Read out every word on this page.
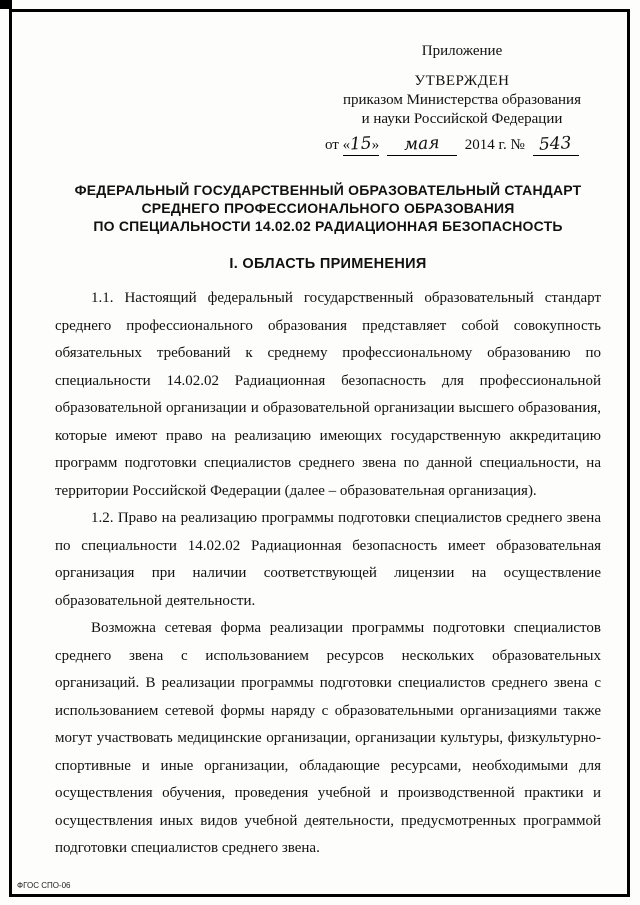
Приложение
УТВЕРЖДЕН
приказом Министерства образования
и науки Российской Федерации
от «15» мая 2014 г. № 543
ФЕДЕРАЛЬНЫЙ ГОСУДАРСТВЕННЫЙ ОБРАЗОВАТЕЛЬНЫЙ СТАНДАРТ
СРЕДНЕГО ПРОФЕССИОНАЛЬНОГО ОБРАЗОВАНИЯ
ПО СПЕЦИАЛЬНОСТИ 14.02.02 РАДИАЦИОННАЯ БЕЗОПАСНОСТЬ
I. ОБЛАСТЬ ПРИМЕНЕНИЯ

1.1. Настоящий федеральный государственный образовательный стандарт среднего профессионального образования представляет собой совокупность обязательных требований к среднему профессиональному образованию по специальности 14.02.02 Радиационная безопасность для профессиональной образовательной организации и образовательной организации высшего образования, которые имеют право на реализацию имеющих государственную аккредитацию программ подготовки специалистов среднего звена по данной специальности, на территории Российской Федерации (далее – образовательная организация).

1.2. Право на реализацию программы подготовки специалистов среднего звена по специальности 14.02.02 Радиационная безопасность имеет образовательная организация при наличии соответствующей лицензии на осуществление образовательной деятельности.

Возможна сетевая форма реализации программы подготовки специалистов среднего звена с использованием ресурсов нескольких образовательных организаций. В реализации программы подготовки специалистов среднего звена с использованием сетевой формы наряду с образовательными организациями также могут участвовать медицинские организации, организации культуры, физкультурно-спортивные и иные организации, обладающие ресурсами, необходимыми для осуществления обучения, проведения учебной и производственной практики и осуществления иных видов учебной деятельности, предусмотренных программой подготовки специалистов среднего звена.

ФГОС СПО-06
